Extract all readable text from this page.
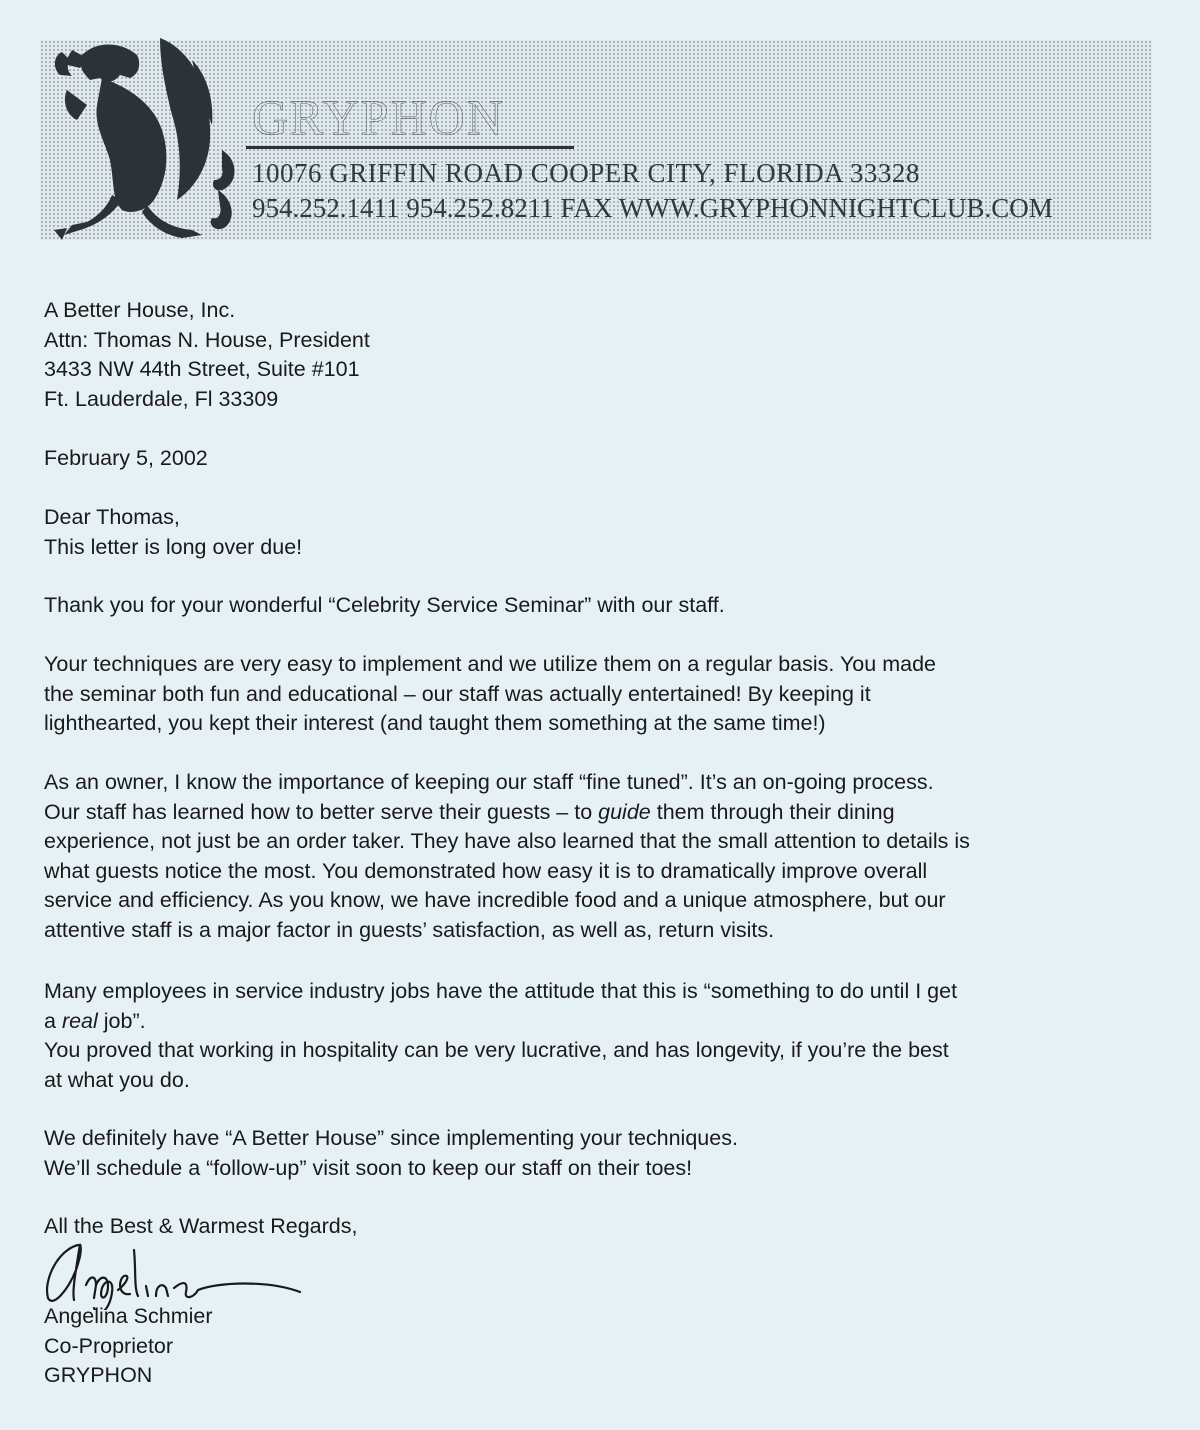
GRYPHON
10076 GRIFFIN ROAD COOPER CITY, FLORIDA 33328
954.252.1411 954.252.8211 FAX WWW.GRYPHONNIGHTCLUB.COM
A Better House, Inc.
Attn: Thomas N. House, President
3433 NW 44th Street, Suite #101
Ft. Lauderdale, Fl 33309
February 5, 2002
Dear Thomas,
This letter is long over due!
Thank you for your wonderful “Celebrity Service Seminar” with our staff.
Your techniques are very easy to implement and we utilize them on a regular basis. You made
the seminar both fun and educational – our staff was actually entertained! By keeping it
lighthearted, you kept their interest (and taught them something at the same time!)
As an owner, I know the importance of keeping our staff “fine tuned”. It’s an on-going process.
Our staff has learned how to better serve their guests – to guide them through their dining
experience, not just be an order taker. They have also learned that the small attention to details is
what guests notice the most. You demonstrated how easy it is to dramatically improve overall
service and efficiency. As you know, we have incredible food and a unique atmosphere, but our
attentive staff is a major factor in guests’ satisfaction, as well as, return visits.
Many employees in service industry jobs have the attitude that this is “something to do until I get
a real job”.
You proved that working in hospitality can be very lucrative, and has longevity, if you’re the best
at what you do.
We definitely have “A Better House” since implementing your techniques.
We’ll schedule a “follow-up” visit soon to keep our staff on their toes!
All the Best & Warmest Regards,
Angelina Schmier
Co-Proprietor
GRYPHON
